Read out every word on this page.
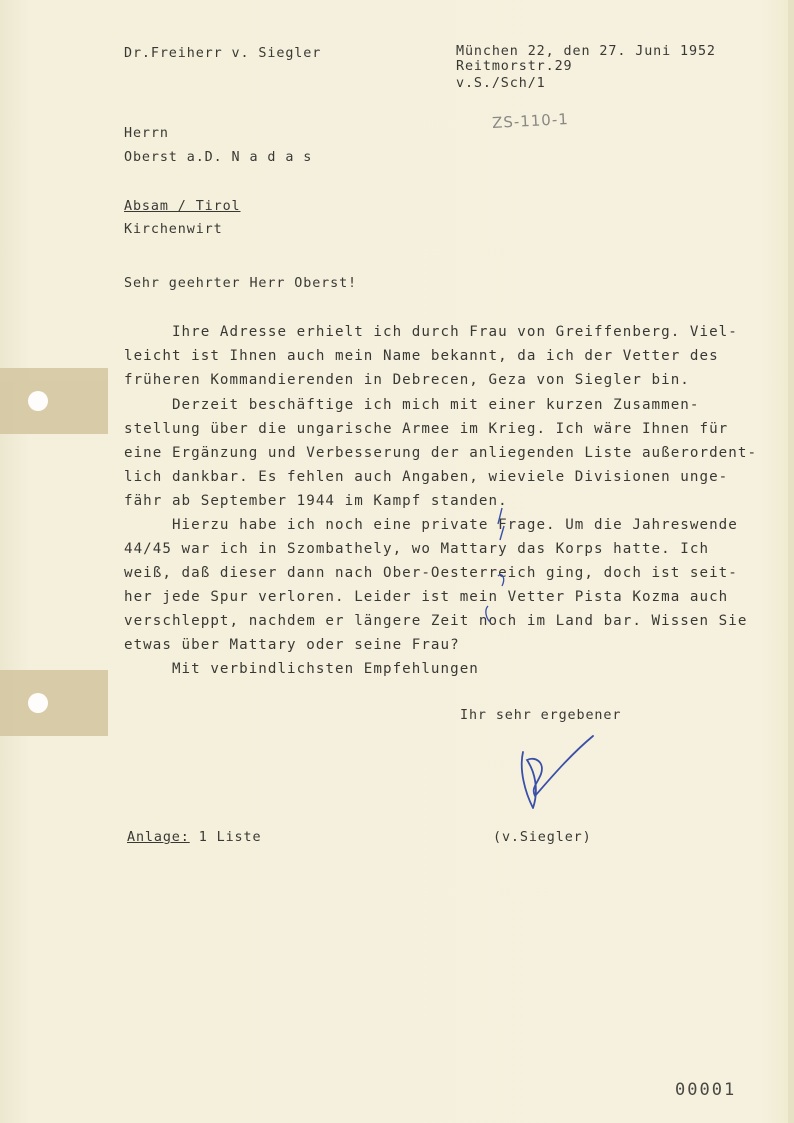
Dr.Freiherr v. Siegler	München 22, den 27. Juni 1952
Reitmorstr.29
v.S./Sch/1
ZS-110-1
Herrn
Oberst a.D. N a d a s
Absam / Tirol
Kirchenwirt
Sehr geehrter Herr Oberst!
Ihre Adresse erhielt ich durch Frau von Greiffenberg. Viel-
leicht ist Ihnen auch mein Name bekannt, da ich der Vetter des
früheren Kommandierenden in Debrecen, Geza von Siegler bin.
Derzeit beschäftige ich mich mit einer kurzen Zusammen-
stellung über die ungarische Armee im Krieg. Ich wäre Ihnen für
eine Ergänzung und Verbesserung der anliegenden Liste außerordent-
lich dankbar. Es fehlen auch Angaben, wieviele Divisionen unge-
fähr ab September 1944 im Kampf standen.
Hierzu habe ich noch eine private Frage. Um die Jahreswende
44/45 war ich in Szombathely, wo Mattary das Korps hatte. Ich
weiß, daß dieser dann nach Ober-Oesterreich ging, doch ist seit-
her jede Spur verloren. Leider ist mein Vetter Pista Kozma auch
verschleppt, nachdem er längere Zeit noch im Land bar. Wissen Sie
etwas über Mattary oder seine Frau?
Mit verbindlichsten Empfehlungen
Ihr sehr ergebener
Anlage: 1 Liste	(v.Siegler)
00001
